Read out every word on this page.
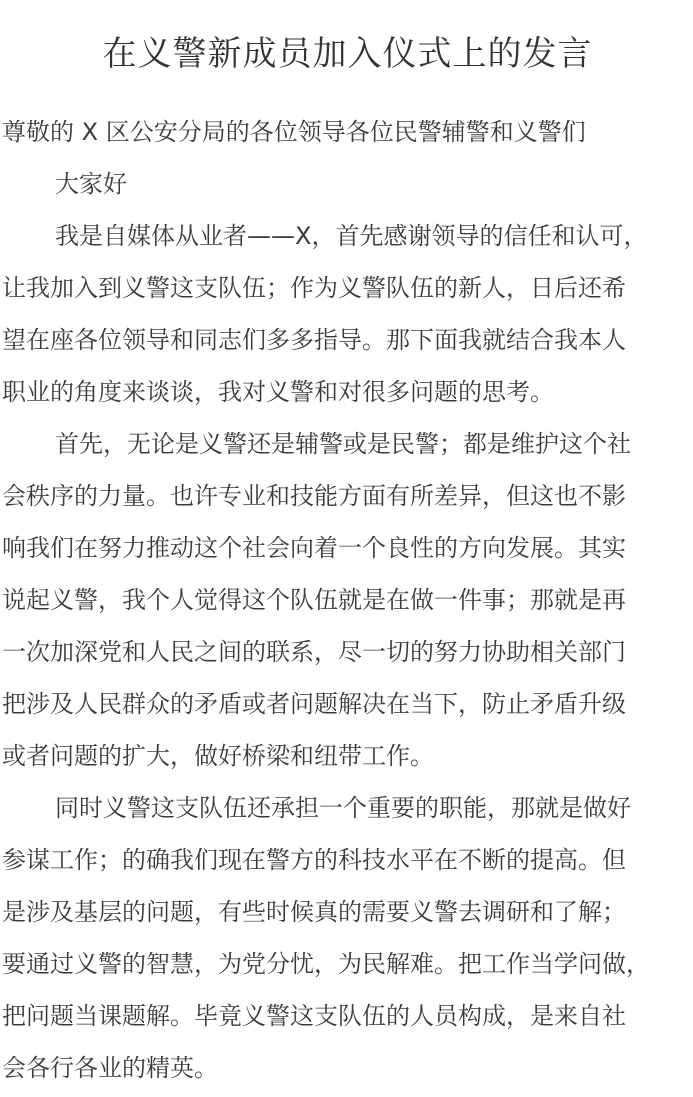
在义警新成员加入仪式上的发言
尊敬的 X 区公安分局的各位领导各位民警辅警和义警们
大家好
我是自媒体从业者——X，首先感谢领导的信任和认可，
让我加入到义警这支队伍；作为义警队伍的新人，日后还希
望在座各位领导和同志们多多指导。那下面我就结合我本人
职业的角度来谈谈，我对义警和对很多问题的思考。
首先，无论是义警还是辅警或是民警；都是维护这个社
会秩序的力量。也许专业和技能方面有所差异，但这也不影
响我们在努力推动这个社会向着一个良性的方向发展。其实
说起义警，我个人觉得这个队伍就是在做一件事；那就是再
一次加深党和人民之间的联系，尽一切的努力协助相关部门
把涉及人民群众的矛盾或者问题解决在当下，防止矛盾升级
或者问题的扩大，做好桥梁和纽带工作。
同时义警这支队伍还承担一个重要的职能，那就是做好
参谋工作；的确我们现在警方的科技水平在不断的提高。但
是涉及基层的问题，有些时候真的需要义警去调研和了解；
要通过义警的智慧，为党分忧，为民解难。把工作当学问做，
把问题当课题解。毕竟义警这支队伍的人员构成，是来自社
会各行各业的精英。
